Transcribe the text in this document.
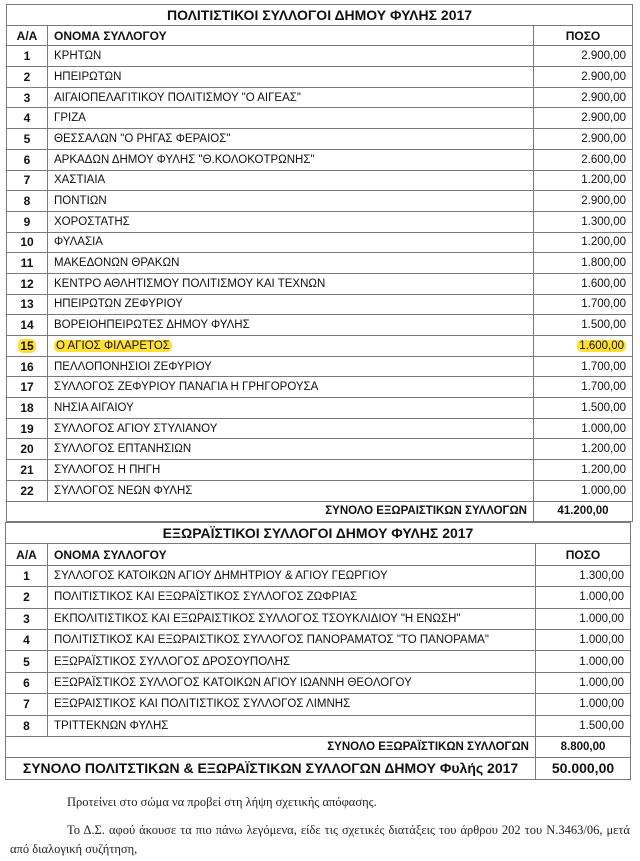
ΠΟΛΙΤΙΣΤΙΚΟΙ ΣΥΛΛΟΓΟΙ ΔΗΜΟΥ ΦΥΛΗΣ 2017		
Α/Α	ΟΝΟΜΑ ΣΥΛΛΟΓΟΥ	ΠΟΣΟ
1	ΚΡΗΤΩΝ	2.900,00
2	ΗΠΕΙΡΩΤΩΝ	2.900,00
3	ΑΙΓΑΙΟΠΕΛΑΓΙΤΙΚΟΥ ΠΟΛΙΤΙΣΜΟΥ "Ο ΑΙΓΕΑΣ"	2.900,00
4	ΓΡΙΖΑ	2.900,00
5	ΘΕΣΣΑΛΩΝ "Ο ΡΗΓΑΣ ΦΕΡΑΙΟΣ"	2.900,00
6	ΑΡΚΑΔΩΝ ΔΗΜΟΥ ΦΥΛΗΣ "Θ.ΚΟΛΟΚΟΤΡΩΝΗΣ"	2.600,00
7	ΧΑΣΤΙΑΙΑ	1.200,00
8	ΠΟΝΤΙΩΝ	2.900,00
9	ΧΟΡΟΣΤΑΤΗΣ	1.300,00
10	ΦΥΛΑΣΙΑ	1.200,00
11	ΜΑΚΕΔΟΝΩΝ ΘΡΑΚΩΝ	1.800,00
12	ΚΕΝΤΡΟ ΑΘΛΗΤΙΣΜΟΥ ΠΟΛΙΤΙΣΜΟΥ ΚΑΙ ΤΕΧΝΩΝ	1.600,00
13	ΗΠΕΙΡΩΤΩΝ ΖΕΦΥΡΙΟΥ	1.700,00
14	ΒΟΡΕΙΟΗΠΕΙΡΩΤΕΣ ΔΗΜΟΥ ΦΥΛΗΣ	1.500,00
15	Ο ΑΓΙΟΣ ΦΙΛΑΡΕΤΟΣ	1.600,00
16	ΠΕΛΛΟΠΟΝΗΣΙΟΙ ΖΕΦΥΡΙΟΥ	1.700,00
17	ΣΥΛΛΟΓΟΣ ΖΕΦΥΡΙΟΥ ΠΑΝΑΓΙΑ Η ΓΡΗΓΟΡΟΥΣΑ	1.700,00
18	ΝΗΣΙΑ ΑΙΓΑΙΟΥ	1.500,00
19	ΣΥΛΛΟΓΟΣ ΑΓΙΟΥ ΣΤΥΛΙΑΝΟΥ	1.000,00
20	ΣΥΛΛΟΓΟΣ ΕΠΤΑΝΗΣΙΩΝ	1.200,00
21	ΣΥΛΛΟΓΟΣ Η ΠΗΓΗ	1.200,00
22	ΣΥΛΛΟΓΟΣ ΝΕΩΝ ΦΥΛΗΣ	1.000,00
ΣΥΝΟΛΟ ΕΞΩΡΑΙΣΤΙΚΩΝ ΣΥΛΛΟΓΩΝ		41.200,00
ΕΞΩΡΑΪΣΤΙΚΟΙ ΣΥΛΛΟΓΟΙ ΔΗΜΟΥ ΦΥΛΗΣ 2017		
Α/Α	ΟΝΟΜΑ ΣΥΛΛΟΓΟΥ	ΠΟΣΟ
1	ΣΥΛΛΟΓΟΣ ΚΑΤΟΙΚΩΝ ΑΓΙΟΥ ΔΗΜΗΤΡΙΟΥ & ΑΓΙΟΥ ΓΕΩΡΓΙΟΥ	1.300,00
2	ΠΟΛΙΤΙΣΤΙΚΟΣ ΚΑΙ ΕΞΩΡΑΪΣΤΙΚΟΣ ΣΥΛΛΟΓΟΣ ΖΩΦΡΙΑΣ	1.000,00
3	ΕΚΠΟΛΙΤΙΣΤΙΚΟΣ ΚΑΙ ΕΞΩΡΑΙΣΤΙΚΟΣ ΣΥΛΛΟΓΟΣ ΤΣΟΥΚΛΙΔΙΟΥ "Η ΕΝΩΣΗ"	1.000,00
4	ΠΟΛΙΤΙΣΤΙΚΟΣ ΚΑΙ ΕΞΩΡΑΙΣΤΙΚΟΣ ΣΥΛΛΟΓΟΣ ΠΑΝΟΡΑΜΑΤΟΣ "ΤΟ ΠΑΝΟΡΑΜΑ"	1.000,00
5	ΕΞΩΡΑΪΣΤΙΚΟΣ ΣΥΛΛΟΓΟΣ ΔΡΟΣΟΥΠΟΛΗΣ	1.000,00
6	ΕΞΩΡΑΪΣΤΙΚΟΣ ΣΥΛΛΟΓΟΣ ΚΑΤΟΙΚΩΝ ΑΓΙΟΥ ΙΩΑΝΝΗ ΘΕΟΛΟΓΟΥ	1.000,00
7	ΕΞΩΡΑΙΣΤΙΚΟΣ ΚΑΙ ΠΟΛΙΤΙΣΤΙΚΟΣ ΣΥΛΛΟΓΟΣ ΛΙΜΝΗΣ	1.000,00
8	ΤΡΙΤΤΕΚΝΩΝ ΦΥΛΗΣ	1.500,00
ΣΥΝΟΛΟ ΕΞΩΡΑΪΣΤΙΚΩΝ ΣΥΛΛΟΓΩΝ		8.800,00
ΣΥΝΟΛΟ ΠΟΛΙΤΣΤΙΚΩΝ & ΕΞΩΡΑΪΣΤΙΚΩΝ ΣΥΛΛΟΓΩΝ ΔΗΜΟΥ Φυλής 2017		50.000,00

Προτείνει στο σώμα να προβεί στη λήψη σχετικής απόφασης.

Το Δ.Σ. αφού άκουσε τα πιο πάνω λεγόμενα, είδε τις σχετικές διατάξεις του άρθρου 202 του Ν.3463/06, μετά από διαλογική συζήτηση,
